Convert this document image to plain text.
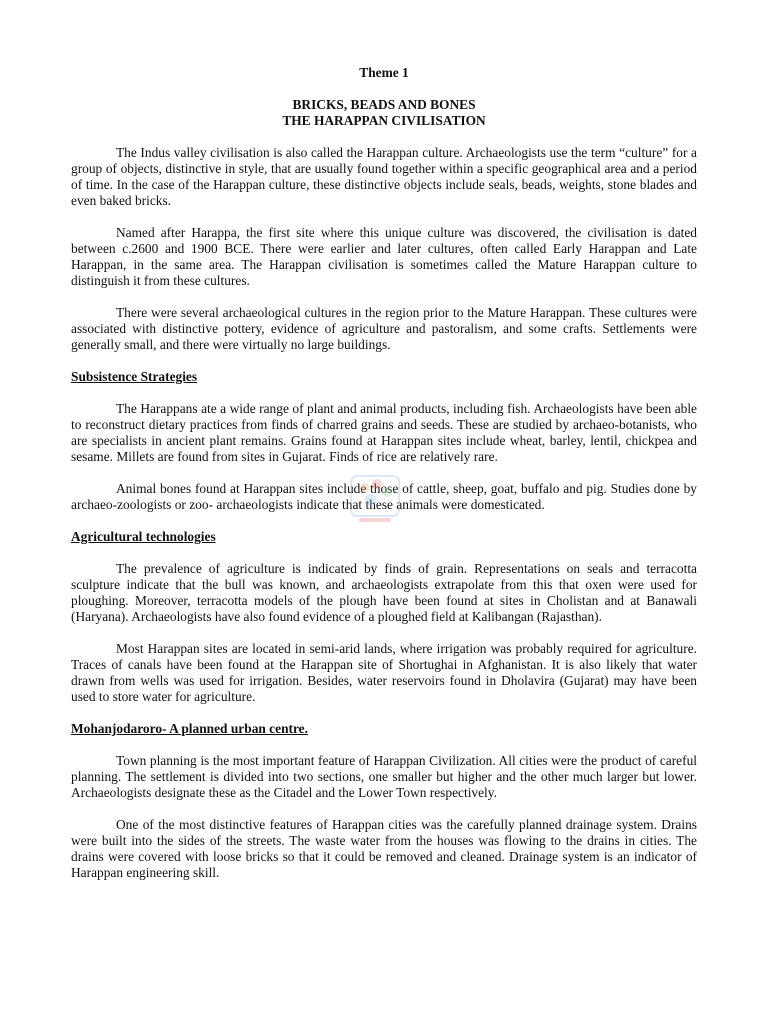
Theme 1
BRICKS, BEADS AND BONES
THE HARAPPAN CIVILISATION

The Indus valley civilisation is also called the Harappan culture. Archaeologists use the term “culture” for a group of objects, distinctive in style, that are usually found together within a specific geographical area and a period of time. In the case of the Harappan culture, these distinctive objects include seals, beads, weights, stone blades and even baked bricks.

Named after Harappa, the first site where this unique culture was discovered, the civilisation is dated between c.2600 and 1900 BCE. There were earlier and later cultures, often called Early Harappan and Late Harappan, in the same area. The Harappan civilisation is sometimes called the Mature Harappan culture to distinguish it from these cultures.

There were several archaeological cultures in the region prior to the Mature Harappan. These cultures were associated with distinctive pottery, evidence of agriculture and pastoralism, and some crafts. Settlements were generally small, and there were virtually no large buildings.

Subsistence Strategies

The Harappans ate a wide range of plant and animal products, including fish. Archaeologists have been able to reconstruct dietary practices from finds of charred grains and seeds. These are studied by archaeo-botanists, who are specialists in ancient plant remains. Grains found at Harappan sites include wheat, barley, lentil, chickpea and sesame. Millets are found from sites in Gujarat. Finds of rice are relatively rare.

Animal bones found at Harappan sites include those of cattle, sheep, goat, buffalo and pig. Studies done by archaeo-zoologists or zoo- archaeologists indicate that these animals were domesticated.

Agricultural technologies

The prevalence of agriculture is indicated by finds of grain. Representations on seals and terracotta sculpture indicate that the bull was known, and archaeologists extrapolate from this that oxen were used for ploughing. Moreover, terracotta models of the plough have been found at sites in Cholistan and at Banawali (Haryana). Archaeologists have also found evidence of a ploughed field at Kalibangan (Rajasthan).

Most Harappan sites are located in semi-arid lands, where irrigation was probably required for agriculture. Traces of canals have been found at the Harappan site of Shortughai in Afghanistan. It is also likely that water drawn from wells was used for irrigation. Besides, water reservoirs found in Dholavira (Gujarat) may have been used to store water for agriculture.

Mohanjodaroro- A planned urban centre.

Town planning is the most important feature of Harappan Civilization. All cities were the product of careful planning. The settlement is divided into two sections, one smaller but higher and the other much larger but lower. Archaeologists designate these as the Citadel and the Lower Town respectively.

One of the most distinctive features of Harappan cities was the carefully planned drainage system. Drains were built into the sides of the streets. The waste water from the houses was flowing to the drains in cities. The drains were covered with loose bricks so that it could be removed and cleaned. Drainage system is an indicator of Harappan engineering skill.
